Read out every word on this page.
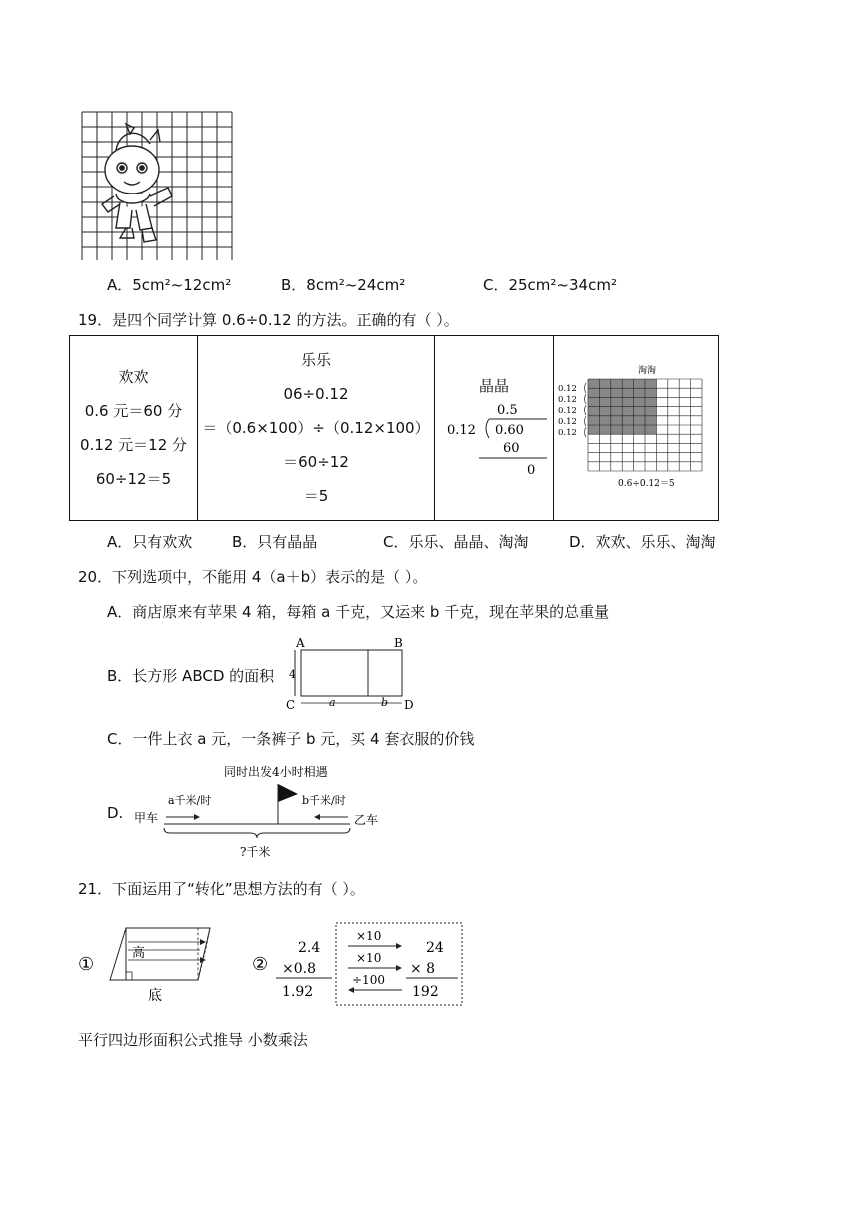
A．5cm²~12cm²	B．8cm²~24cm²	C．25cm²~34cm²
19．是四个同学计算 0.6÷0.12 的方法。正确的有（ ）。
欢欢
0.6 元＝60 分
0.12 元＝12 分
60÷12＝5

乐乐
06÷0.12
＝（0.6×100）÷（0.12×100）
＝60÷12
＝5

晶晶
0.5
0.12 0.60
60
0

淘淘
0.12
0.12
0.12
0.12
0.12
0.6÷0.12＝5
A．只有欢欢	B．只有晶晶	C．乐乐、晶晶、淘淘	D．欢欢、乐乐、淘淘
20．下列选项中，不能用 4（a＋b）表示的是（ ）。
A．商店原来有苹果 4 箱，每箱 a 千克，又运来 b 千克，现在苹果的总重量
B．长方形 ABCD 的面积
A	B
C	D
4
a	b
C．一件上衣 a 元，一条裤子 b 元，买 4 套衣服的价钱
D.
同时出发4小时相遇
a千米/时	b千米/时
甲车	乙车
?千米
21．下面运用了“转化”思想方法的有（ ）。
①
高
底
②
2.4
×0.8
1.92
×10
×10
÷100
24
× 8
192
平行四边形面积公式推导 小数乘法
